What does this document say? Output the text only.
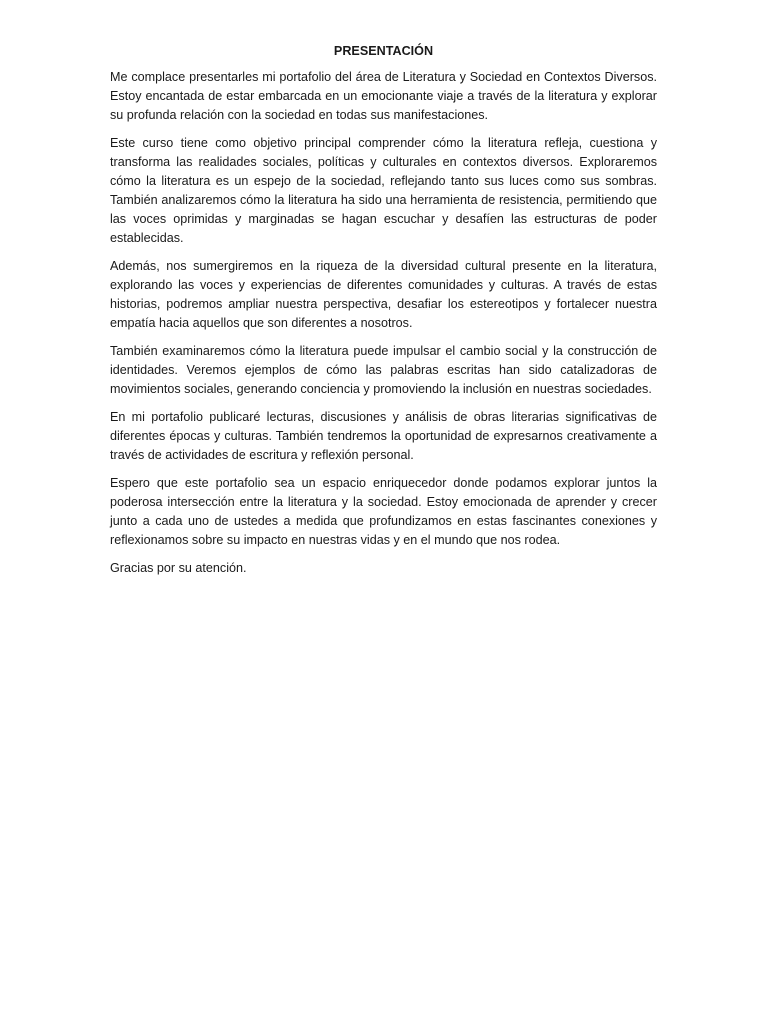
PRESENTACIÓN

Me complace presentarles mi portafolio del área de Literatura y Sociedad en Contextos Diversos. Estoy encantada de estar embarcada en un emocionante viaje a través de la literatura y explorar su profunda relación con la sociedad en todas sus manifestaciones.

Este curso tiene como objetivo principal comprender cómo la literatura refleja, cuestiona y transforma las realidades sociales, políticas y culturales en contextos diversos. Exploraremos cómo la literatura es un espejo de la sociedad, reflejando tanto sus luces como sus sombras. También analizaremos cómo la literatura ha sido una herramienta de resistencia, permitiendo que las voces oprimidas y marginadas se hagan escuchar y desafíen las estructuras de poder establecidas.

Además, nos sumergiremos en la riqueza de la diversidad cultural presente en la literatura, explorando las voces y experiencias de diferentes comunidades y culturas. A través de estas historias, podremos ampliar nuestra perspectiva, desafiar los estereotipos y fortalecer nuestra empatía hacia aquellos que son diferentes a nosotros.

También examinaremos cómo la literatura puede impulsar el cambio social y la construcción de identidades. Veremos ejemplos de cómo las palabras escritas han sido catalizadoras de movimientos sociales, generando conciencia y promoviendo la inclusión en nuestras sociedades.

En mi portafolio publicaré lecturas, discusiones y análisis de obras literarias significativas de diferentes épocas y culturas. También tendremos la oportunidad de expresarnos creativamente a través de actividades de escritura y reflexión personal.

Espero que este portafolio sea un espacio enriquecedor donde podamos explorar juntos la poderosa intersección entre la literatura y la sociedad. Estoy emocionada de aprender y crecer junto a cada uno de ustedes a medida que profundizamos en estas fascinantes conexiones y reflexionamos sobre su impacto en nuestras vidas y en el mundo que nos rodea.

Gracias por su atención.
